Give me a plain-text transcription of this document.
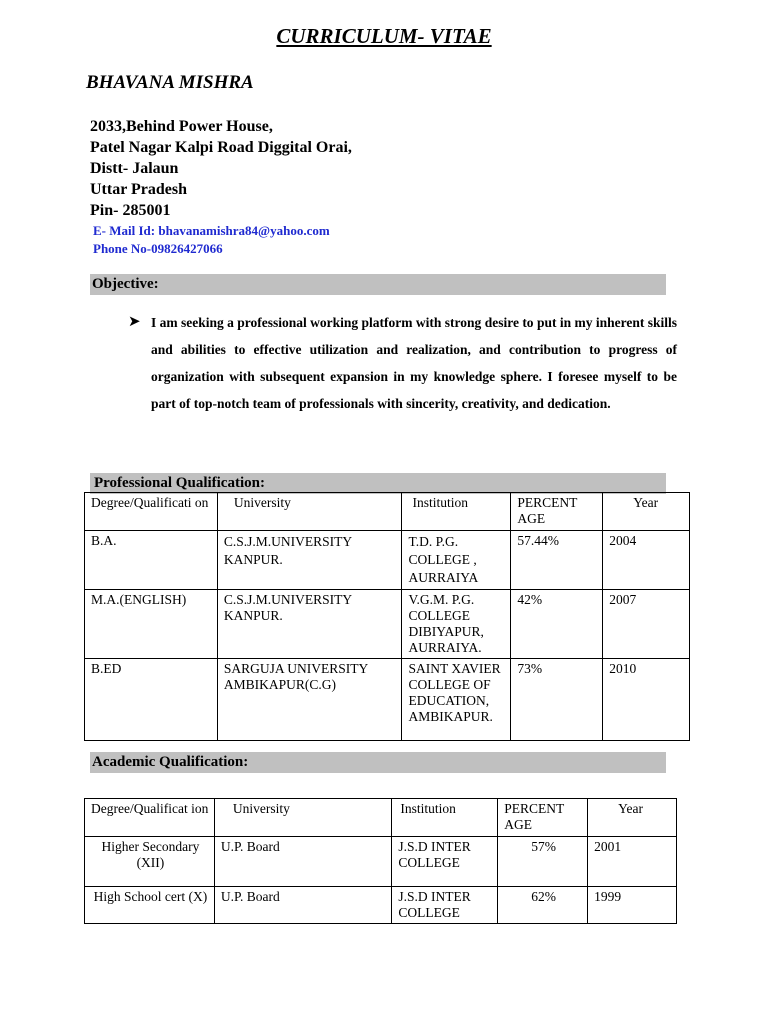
CURRICULUM- VITAE
BHAVANA MISHRA
2033,Behind Power House,
Patel Nagar Kalpi Road Diggital Orai,
Distt- Jalaun
Uttar Pradesh
Pin- 285001
E- Mail Id: bhavanamishra84@yahoo.com
Phone No-09826427066
Objective:
➤ I am seeking a professional working platform with strong desire to put in my inherent skills and abilities to effective utilization and realization, and contribution to progress of organization with subsequent expansion in my knowledge sphere. I foresee myself to be part of top-notch team of professionals with sincerity, creativity, and dedication.
Professional Qualification:
Degree/Qualificati on	University	Institution	PERCENT AGE	Year
B.A.	C.S.J.M.UNIVERSITY KANPUR.	T.D. P.G. COLLEGE , AURRAIYA	57.44%	2004
M.A.(ENGLISH)	C.S.J.M.UNIVERSITY KANPUR.	V.G.M. P.G. COLLEGE DIBIYAPUR, AURRAIYA.	42%	2007
B.ED	SARGUJA UNIVERSITY AMBIKAPUR(C.G)	SAINT XAVIER COLLEGE OF EDUCATION, AMBIKAPUR.	73%	2010
Academic Qualification:
Degree/Qualificat ion	University	Institution	PERCENT AGE	Year
Higher Secondary (XII)	U.P. Board	J.S.D INTER COLLEGE	57%	2001
High School cert (X)	U.P. Board	J.S.D INTER COLLEGE	62%	1999
